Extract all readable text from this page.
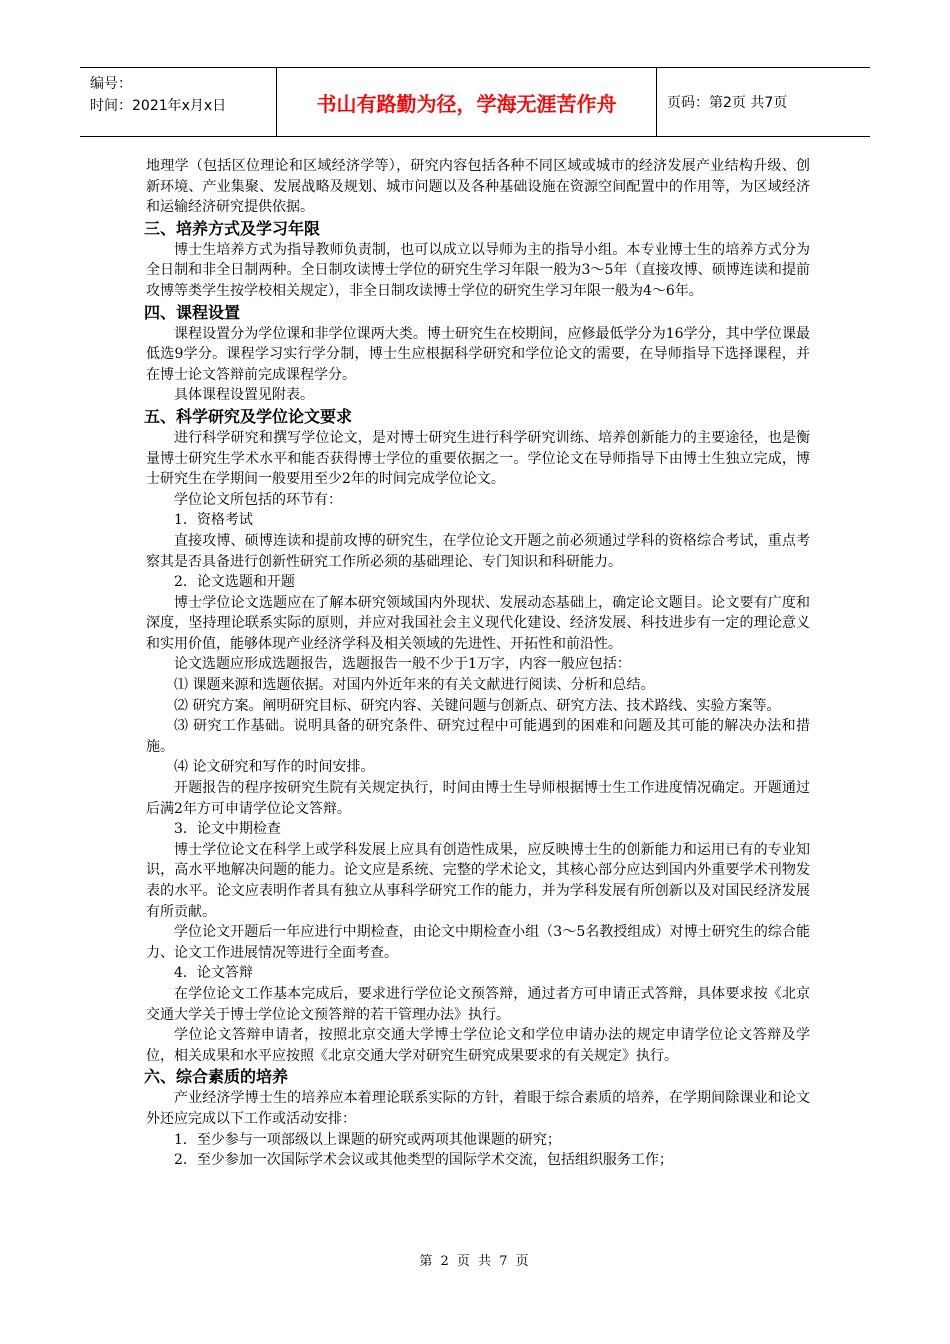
编号：
时间：2021年x月x日	书山有路勤为径，学海无涯苦作舟	页码：第2页 共7页

地理学（包括区位理论和区域经济学等），研究内容包括各种不同区域或城市的经济发展产业结构升级、创新环境、产业集聚、发展战略及规划、城市问题以及各种基础设施在资源空间配置中的作用等，为区域经济和运输经济研究提供依据。

三、培养方式及学习年限

博士生培养方式为指导教师负责制，也可以成立以导师为主的指导小组。本专业博士生的培养方式分为全日制和非全日制两种。全日制攻读博士学位的研究生学习年限一般为3～5年（直接攻博、硕博连读和提前攻博等类学生按学校相关规定），非全日制攻读博士学位的研究生学习年限一般为4～6年。

四、课程设置

课程设置分为学位课和非学位课两大类。博士研究生在校期间，应修最低学分为16学分，其中学位课最低选9学分。课程学习实行学分制，博士生应根据科学研究和学位论文的需要，在导师指导下选择课程，并在博士论文答辩前完成课程学分。

具体课程设置见附表。

五、科学研究及学位论文要求

进行科学研究和撰写学位论文，是对博士研究生进行科学研究训练、培养创新能力的主要途径，也是衡量博士研究生学术水平和能否获得博士学位的重要依据之一。学位论文在导师指导下由博士生独立完成，博士研究生在学期间一般要用至少2年的时间完成学位论文。

学位论文所包括的环节有：

1．资格考试

直接攻博、硕博连读和提前攻博的研究生，在学位论文开题之前必须通过学科的资格综合考试，重点考察其是否具备进行创新性研究工作所必须的基础理论、专门知识和科研能力。

2．论文选题和开题

博士学位论文选题应在了解本研究领域国内外现状、发展动态基础上，确定论文题目。论文要有广度和深度，坚持理论联系实际的原则，并应对我国社会主义现代化建设、经济发展、科技进步有一定的理论意义和实用价值，能够体现产业经济学科及相关领域的先进性、开拓性和前沿性。

论文选题应形成选题报告，选题报告一般不少于1万字，内容一般应包括：

⑴ 课题来源和选题依据。对国内外近年来的有关文献进行阅读、分析和总结。

⑵ 研究方案。阐明研究目标、研究内容、关键问题与创新点、研究方法、技术路线、实验方案等。

⑶ 研究工作基础。说明具备的研究条件、研究过程中可能遇到的困难和问题及其可能的解决办法和措施。

⑷ 论文研究和写作的时间安排。

开题报告的程序按研究生院有关规定执行，时间由博士生导师根据博士生工作进度情况确定。开题通过后满2年方可申请学位论文答辩。

3．论文中期检查

博士学位论文在科学上或学科发展上应具有创造性成果，应反映博士生的创新能力和运用已有的专业知识，高水平地解决问题的能力。论文应是系统、完整的学术论文，其核心部分应达到国内外重要学术刊物发表的水平。论文应表明作者具有独立从事科学研究工作的能力，并为学科发展有所创新以及对国民经济发展有所贡献。

学位论文开题后一年应进行中期检查，由论文中期检查小组（3～5名教授组成）对博士研究生的综合能力、论文工作进展情况等进行全面考查。

4．论文答辩

在学位论文工作基本完成后，要求进行学位论文预答辩，通过者方可申请正式答辩，具体要求按《北京交通大学关于博士学位论文预答辩的若干管理办法》执行。

学位论文答辩申请者，按照北京交通大学博士学位论文和学位申请办法的规定申请学位论文答辩及学位，相关成果和水平应按照《北京交通大学对研究生研究成果要求的有关规定》执行。

六、综合素质的培养

产业经济学博士生的培养应本着理论联系实际的方针，着眼于综合素质的培养，在学期间除课业和论文外还应完成以下工作或活动安排：

1．至少参与一项部级以上课题的研究或两项其他课题的研究；

2．至少参加一次国际学术会议或其他类型的国际学术交流，包括组织服务工作；

第 2 页 共 7 页
